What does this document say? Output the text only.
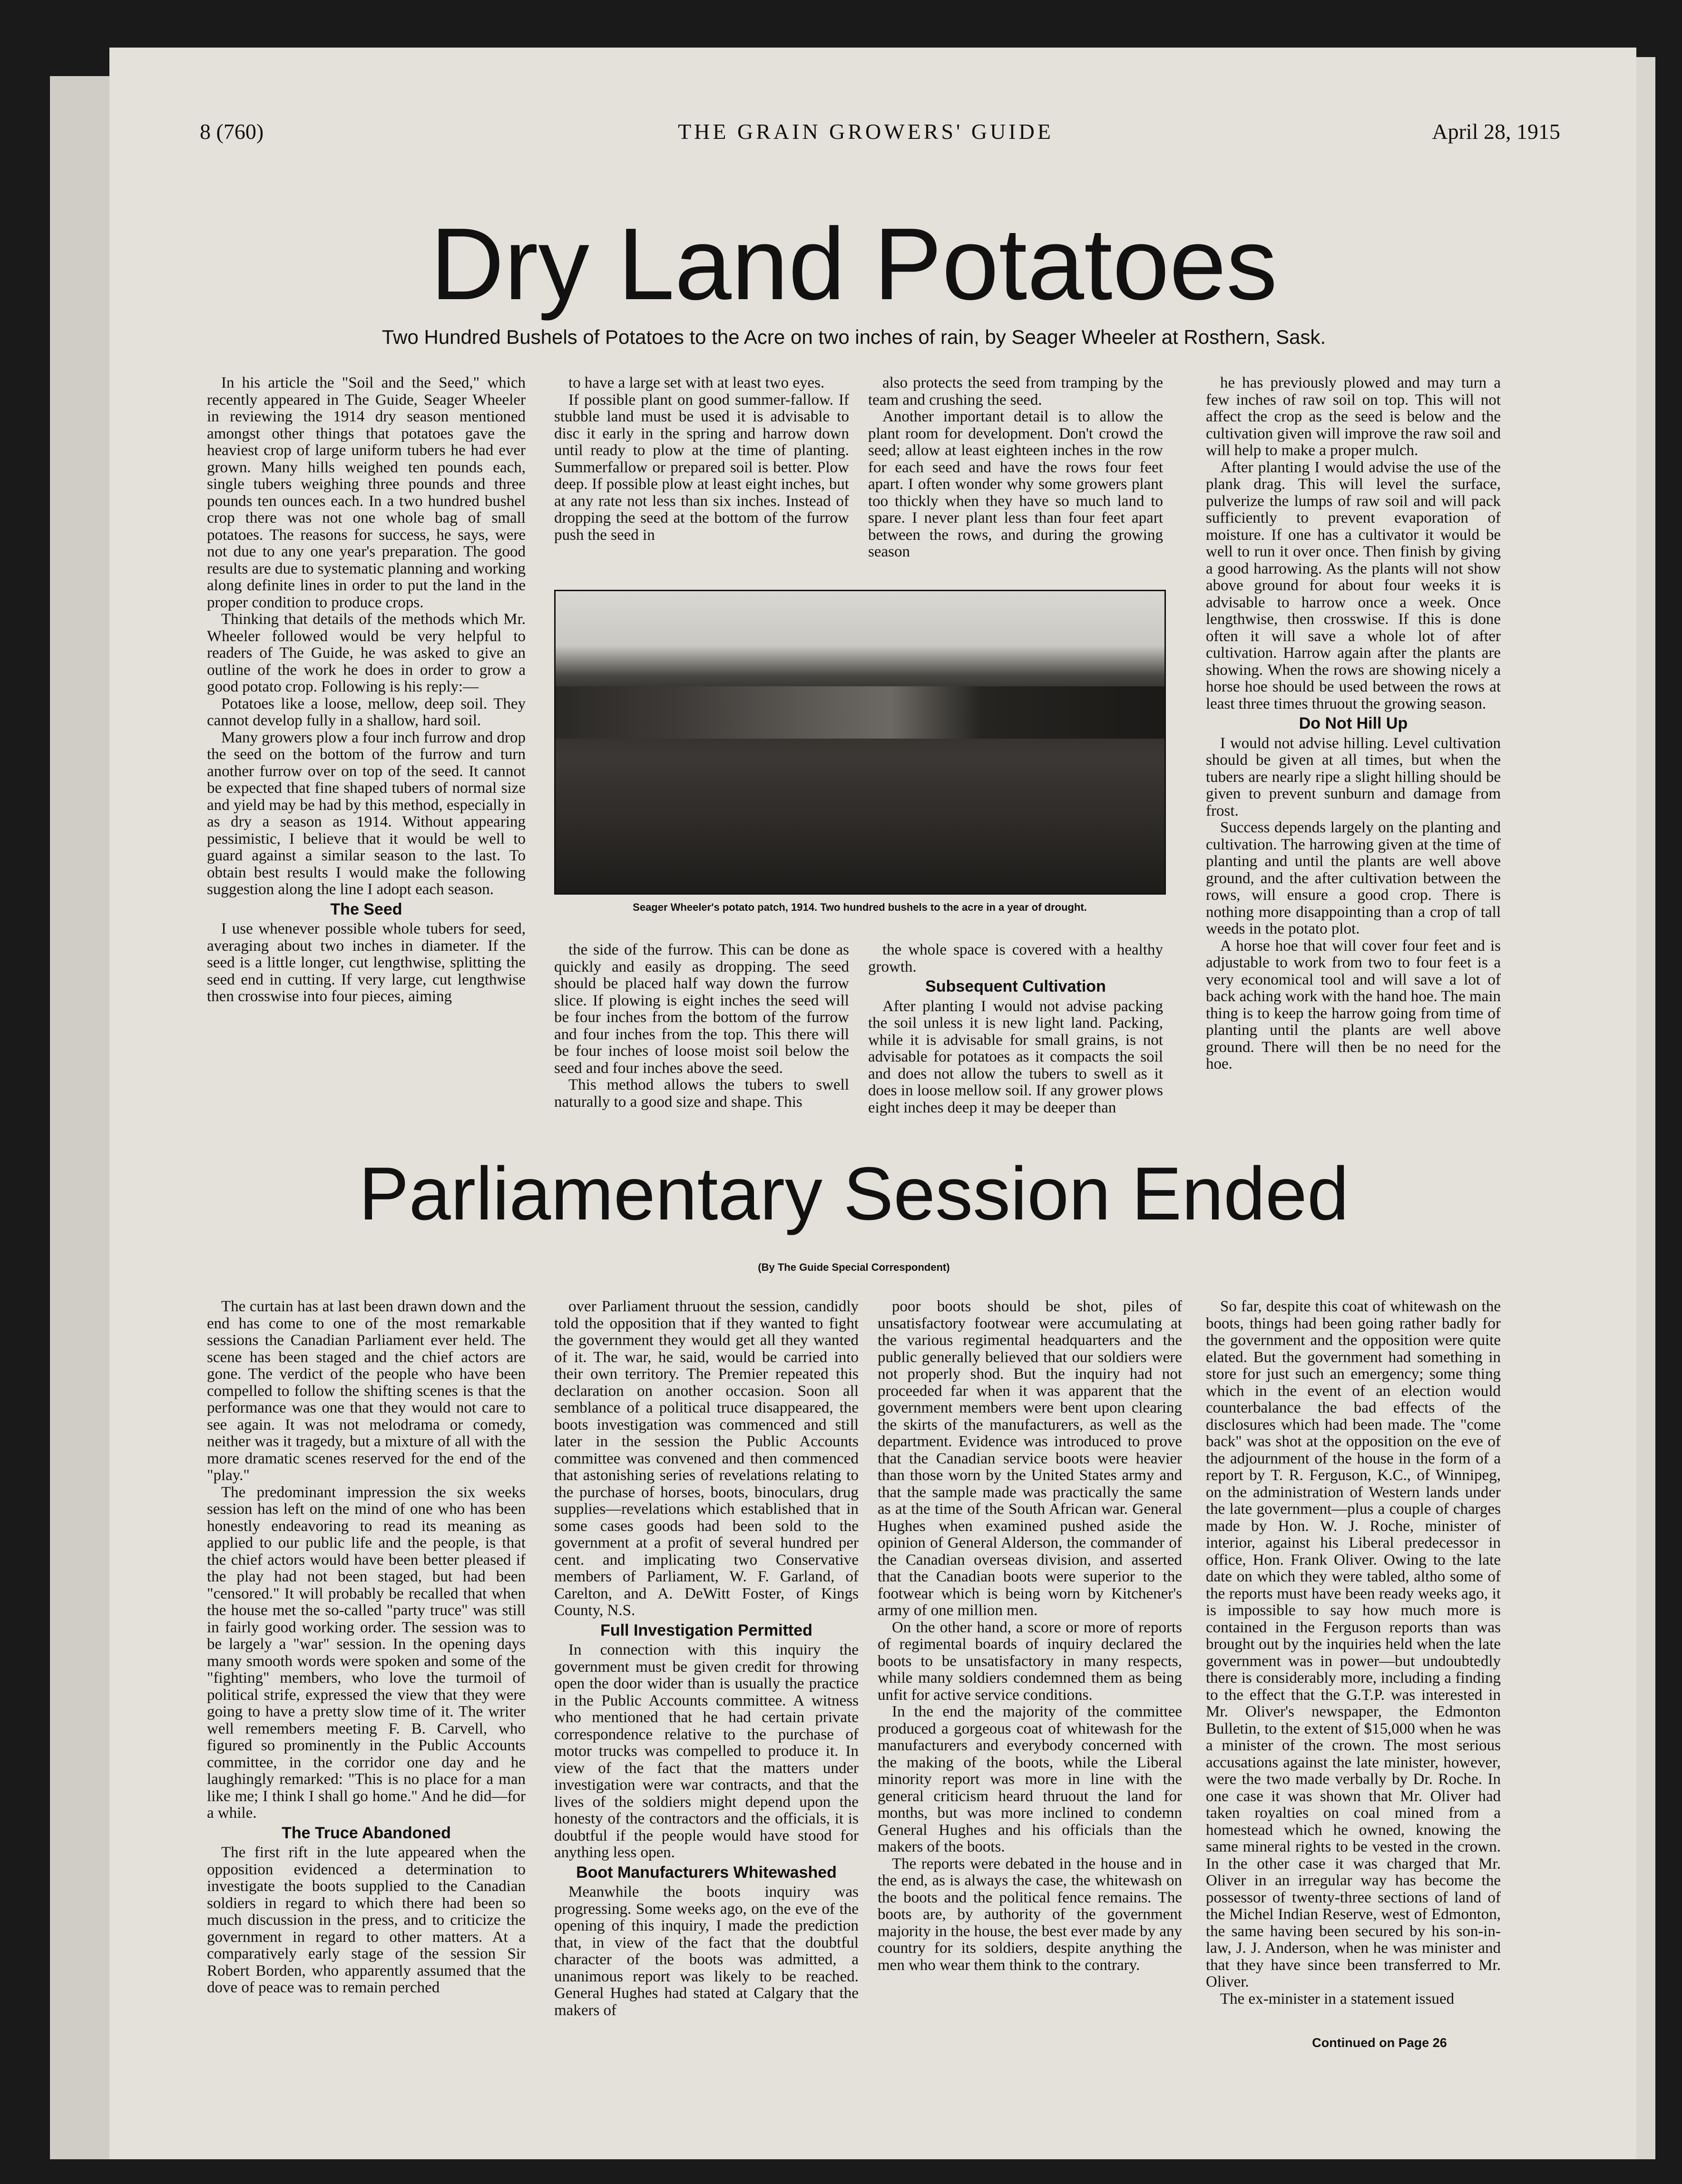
8 (760)	THE GRAIN GROWERS' GUIDE	April 28, 1915
Dry Land Potatoes
Two Hundred Bushels of Potatoes to the Acre on two inches of rain, by Seager Wheeler at Rosthern, Sask.

In his article the "Soil and the Seed," which recently appeared in The Guide, Seager Wheeler in reviewing the 1914 dry season mentioned amongst other things that potatoes gave the heaviest crop of large uniform tubers he had ever grown. Many hills weighed ten pounds each, single tubers weighing three pounds and three pounds ten ounces each. In a two hundred bushel crop there was not one whole bag of small potatoes. The reasons for success, he says, were not due to any one year's preparation. The good results are due to systematic planning and working along definite lines in order to put the land in the proper condition to produce crops.

Thinking that details of the methods which Mr. Wheeler followed would be very helpful to readers of The Guide, he was asked to give an outline of the work he does in order to grow a good potato crop. Following is his reply:—

Potatoes like a loose, mellow, deep soil. They cannot develop fully in a shallow, hard soil.

Many growers plow a four inch furrow and drop the seed on the bottom of the furrow and turn another furrow over on top of the seed. It cannot be expected that fine shaped tubers of normal size and yield may be had by this method, especially in as dry a season as 1914. Without appearing pessimistic, I believe that it would be well to guard against a similar season to the last. To obtain best results I would make the following suggestion along the line I adopt each season.

The Seed

I use whenever possible whole tubers for seed, averaging about two inches in diameter. If the seed is a little longer, cut lengthwise, splitting the seed end in cutting. If very large, cut lengthwise then crosswise into four pieces, aiming

to have a large set with at least two eyes.

If possible plant on good summer-fallow. If stubble land must be used it is advisable to disc it early in the spring and harrow down until ready to plow at the time of planting. Summerfallow or prepared soil is better. Plow deep. If possible plow at least eight inches, but at any rate not less than six inches. Instead of dropping the seed at the bottom of the furrow push the seed in

also protects the seed from tramping by the team and crushing the seed.

Another important detail is to allow the plant room for development. Don't crowd the seed; allow at least eighteen inches in the row for each seed and have the rows four feet apart. I often wonder why some growers plant too thickly when they have so much land to spare. I never plant less than four feet apart between the rows, and during the growing season

Seager Wheeler's potato patch, 1914. Two hundred bushels to the acre in a year of drought.

the side of the furrow. This can be done as quickly and easily as dropping. The seed should be placed half way down the furrow slice. If plowing is eight inches the seed will be four inches from the bottom of the furrow and four inches from the top. This there will be four inches of loose moist soil below the seed and four inches above the seed.

This method allows the tubers to swell naturally to a good size and shape. This

the whole space is covered with a healthy growth.

Subsequent Cultivation

After planting I would not advise packing the soil unless it is new light land. Packing, while it is advisable for small grains, is not advisable for potatoes as it compacts the soil and does not allow the tubers to swell as it does in loose mellow soil. If any grower plows eight inches deep it may be deeper than

he has previously plowed and may turn a few inches of raw soil on top. This will not affect the crop as the seed is below and the cultivation given will improve the raw soil and will help to make a proper mulch.

After planting I would advise the use of the plank drag. This will level the surface, pulverize the lumps of raw soil and will pack sufficiently to prevent evaporation of moisture. If one has a cultivator it would be well to run it over once. Then finish by giving a good harrowing. As the plants will not show above ground for about four weeks it is advisable to harrow once a week. Once lengthwise, then crosswise. If this is done often it will save a whole lot of after cultivation. Harrow again after the plants are showing. When the rows are showing nicely a horse hoe should be used between the rows at least three times thruout the growing season.

Do Not Hill Up

I would not advise hilling. Level cultivation should be given at all times, but when the tubers are nearly ripe a slight hilling should be given to prevent sunburn and damage from frost.

Success depends largely on the planting and cultivation. The harrowing given at the time of planting and until the plants are well above ground, and the after cultivation between the rows, will ensure a good crop. There is nothing more disappointing than a crop of tall weeds in the potato plot.

A horse hoe that will cover four feet and is adjustable to work from two to four feet is a very economical tool and will save a lot of back aching work with the hand hoe. The main thing is to keep the harrow going from time of planting until the plants are well above ground. There will then be no need for the hoe.

Parliamentary Session Ended
(By The Guide Special Correspondent)

The curtain has at last been drawn down and the end has come to one of the most remarkable sessions the Canadian Parliament ever held. The scene has been staged and the chief actors are gone. The verdict of the people who have been compelled to follow the shifting scenes is that the performance was one that they would not care to see again. It was not melodrama or comedy, neither was it tragedy, but a mixture of all with the more dramatic scenes reserved for the end of the "play."

The predominant impression the six weeks session has left on the mind of one who has been honestly endeavoring to read its meaning as applied to our public life and the people, is that the chief actors would have been better pleased if the play had not been staged, but had been "censored." It will probably be recalled that when the house met the so-called "party truce" was still in fairly good working order. The session was to be largely a "war" session. In the opening days many smooth words were spoken and some of the "fighting" members, who love the turmoil of political strife, expressed the view that they were going to have a pretty slow time of it. The writer well remembers meeting F. B. Carvell, who figured so prominently in the Public Accounts committee, in the corridor one day and he laughingly remarked: "This is no place for a man like me; I think I shall go home." And he did—for a while.

The Truce Abandoned

The first rift in the lute appeared when the opposition evidenced a determination to investigate the boots supplied to the Canadian soldiers in regard to which there had been so much discussion in the press, and to criticize the government in regard to other matters. At a comparatively early stage of the session Sir Robert Borden, who apparently assumed that the dove of peace was to remain perched

over Parliament thruout the session, candidly told the opposition that if they wanted to fight the government they would get all they wanted of it. The war, he said, would be carried into their own territory. The Premier repeated this declaration on another occasion. Soon all semblance of a political truce disappeared, the boots investigation was commenced and still later in the session the Public Accounts committee was convened and then commenced that astonishing series of revelations relating to the purchase of horses, boots, binoculars, drug supplies—revelations which established that in some cases goods had been sold to the government at a profit of several hundred per cent. and implicating two Conservative members of Parliament, W. F. Garland, of Carelton, and A. DeWitt Foster, of Kings County, N.S.

Full Investigation Permitted

In connection with this inquiry the government must be given credit for throwing open the door wider than is usually the practice in the Public Accounts committee. A witness who mentioned that he had certain private correspondence relative to the purchase of motor trucks was compelled to produce it. In view of the fact that the matters under investigation were war contracts, and that the lives of the soldiers might depend upon the honesty of the contractors and the officials, it is doubtful if the people would have stood for anything less open.

Boot Manufacturers Whitewashed

Meanwhile the boots inquiry was progressing. Some weeks ago, on the eve of the opening of this inquiry, I made the prediction that, in view of the fact that the doubtful character of the boots was admitted, a unanimous report was likely to be reached. General Hughes had stated at Calgary that the makers of

poor boots should be shot, piles of unsatisfactory footwear were accumulating at the various regimental headquarters and the public generally believed that our soldiers were not properly shod. But the inquiry had not proceeded far when it was apparent that the government members were bent upon clearing the skirts of the manufacturers, as well as the department. Evidence was introduced to prove that the Canadian service boots were heavier than those worn by the United States army and that the sample made was practically the same as at the time of the South African war. General Hughes when examined pushed aside the opinion of General Alderson, the commander of the Canadian overseas division, and asserted that the Canadian boots were superior to the footwear which is being worn by Kitchener's army of one million men.

On the other hand, a score or more of reports of regimental boards of inquiry declared the boots to be unsatisfactory in many respects, while many soldiers condemned them as being unfit for active service conditions.

In the end the majority of the committee produced a gorgeous coat of whitewash for the manufacturers and everybody concerned with the making of the boots, while the Liberal minority report was more in line with the general criticism heard thruout the land for months, but was more inclined to condemn General Hughes and his officials than the makers of the boots.

The reports were debated in the house and in the end, as is always the case, the whitewash on the boots and the political fence remains. The boots are, by authority of the government majority in the house, the best ever made by any country for its soldiers, despite anything the men who wear them think to the contrary.

So far, despite this coat of whitewash on the boots, things had been going rather badly for the government and the opposition were quite elated. But the government had something in store for just such an emergency; some thing which in the event of an election would counterbalance the bad effects of the disclosures which had been made. The "come back" was shot at the opposition on the eve of the adjournment of the house in the form of a report by T. R. Ferguson, K.C., of Winnipeg, on the administration of Western lands under the late government—plus a couple of charges made by Hon. W. J. Roche, minister of interior, against his Liberal predecessor in office, Hon. Frank Oliver. Owing to the late date on which they were tabled, altho some of the reports must have been ready weeks ago, it is impossible to say how much more is contained in the Ferguson reports than was brought out by the inquiries held when the late government was in power—but undoubtedly there is considerably more, including a finding to the effect that the G.T.P. was interested in Mr. Oliver's newspaper, the Edmonton Bulletin, to the extent of $15,000 when he was a minister of the crown. The most serious accusations against the late minister, however, were the two made verbally by Dr. Roche. In one case it was shown that Mr. Oliver had taken royalties on coal mined from a homestead which he owned, knowing the same mineral rights to be vested in the crown. In the other case it was charged that Mr. Oliver in an irregular way has become the possessor of twenty-three sections of land of the Michel Indian Reserve, west of Edmonton, the same having been secured by his son-in-law, J. J. Anderson, when he was minister and that they have since been transferred to Mr. Oliver.

The ex-minister in a statement issued

Continued on Page 26
